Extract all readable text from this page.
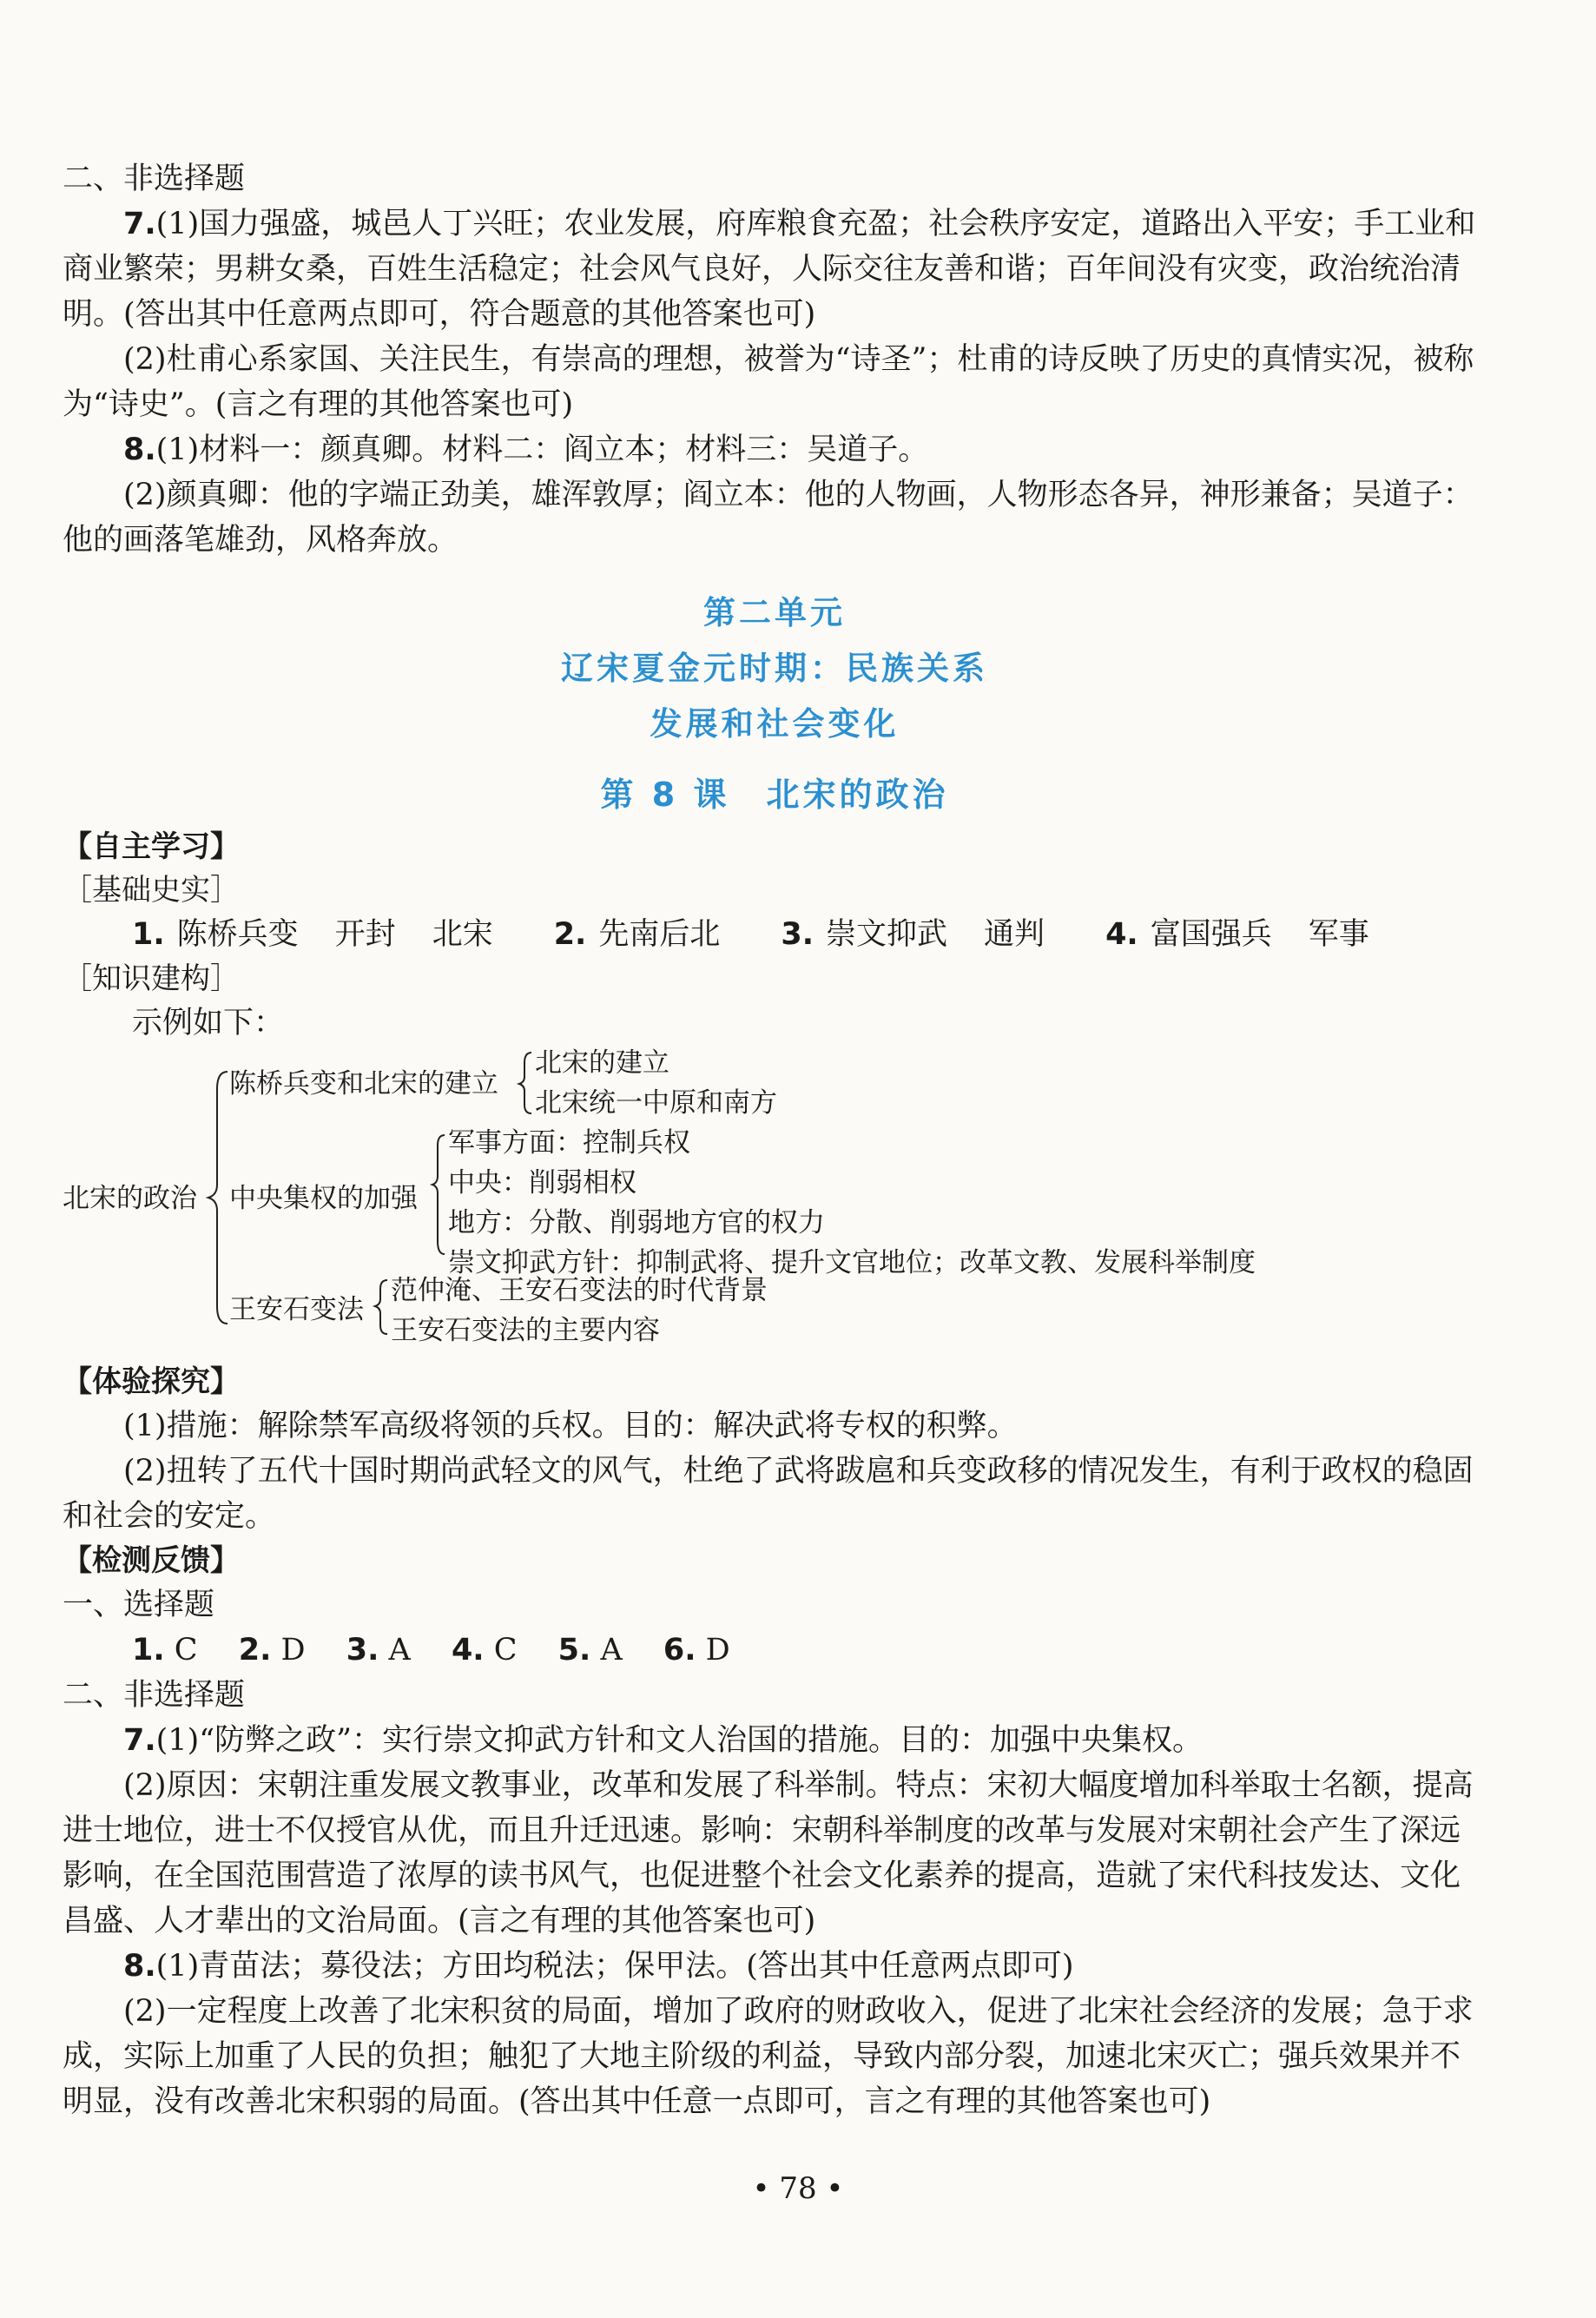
二、非选择题
7.(1)国力强盛，城邑人丁兴旺；农业发展，府库粮食充盈；社会秩序安定，道路出入平安；手工业和商业繁荣；男耕女桑，百姓生活稳定；社会风气良好，人际交往友善和谐；百年间没有灾变，政治统治清明。(答出其中任意两点即可，符合题意的其他答案也可)
(2)杜甫心系家国、关注民生，有崇高的理想，被誉为“诗圣”；杜甫的诗反映了历史的真情实况，被称为“诗史”。(言之有理的其他答案也可)
8.(1)材料一：颜真卿。材料二：阎立本；材料三：吴道子。
(2)颜真卿：他的字端正劲美，雄浑敦厚；阎立本：他的人物画，人物形态各异，神形兼备；吴道子：他的画落笔雄劲，风格奔放。
第二单元
辽宋夏金元时期：民族关系
发展和社会变化
第 8 课　北宋的政治
【自主学习】
［基础史实］
1. 陈桥兵变 开封 北宋 2. 先南后北 3. 崇文抑武 通判 4. 富国强兵 军事
［知识建构］
示例如下：
北宋的政治
陈桥兵变和北宋的建立
北宋的建立
北宋统一中原和南方
中央集权的加强
军事方面：控制兵权
中央：削弱相权
地方：分散、削弱地方官的权力
崇文抑武方针：抑制武将、提升文官地位；改革文教、发展科举制度
王安石变法
范仲淹、王安石变法的时代背景
王安石变法的主要内容
【体验探究】
(1)措施：解除禁军高级将领的兵权。目的：解决武将专权的积弊。
(2)扭转了五代十国时期尚武轻文的风气，杜绝了武将跋扈和兵变政移的情况发生，有利于政权的稳固和社会的安定。
【检测反馈】
一、选择题
1. C 2. D 3. A 4. C 5. A 6. D
二、非选择题
7.(1)“防弊之政”：实行崇文抑武方针和文人治国的措施。目的：加强中央集权。
(2)原因：宋朝注重发展文教事业，改革和发展了科举制。特点：宋初大幅度增加科举取士名额，提高进士地位，进士不仅授官从优，而且升迁迅速。影响：宋朝科举制度的改革与发展对宋朝社会产生了深远影响，在全国范围营造了浓厚的读书风气，也促进整个社会文化素养的提高，造就了宋代科技发达、文化昌盛、人才辈出的文治局面。(言之有理的其他答案也可)
8.(1)青苗法；募役法；方田均税法；保甲法。(答出其中任意两点即可)
(2)一定程度上改善了北宋积贫的局面，增加了政府的财政收入，促进了北宋社会经济的发展；急于求成，实际上加重了人民的负担；触犯了大地主阶级的利益，导致内部分裂，加速北宋灭亡；强兵效果并不明显，没有改善北宋积弱的局面。(答出其中任意一点即可，言之有理的其他答案也可)
• 78 •
